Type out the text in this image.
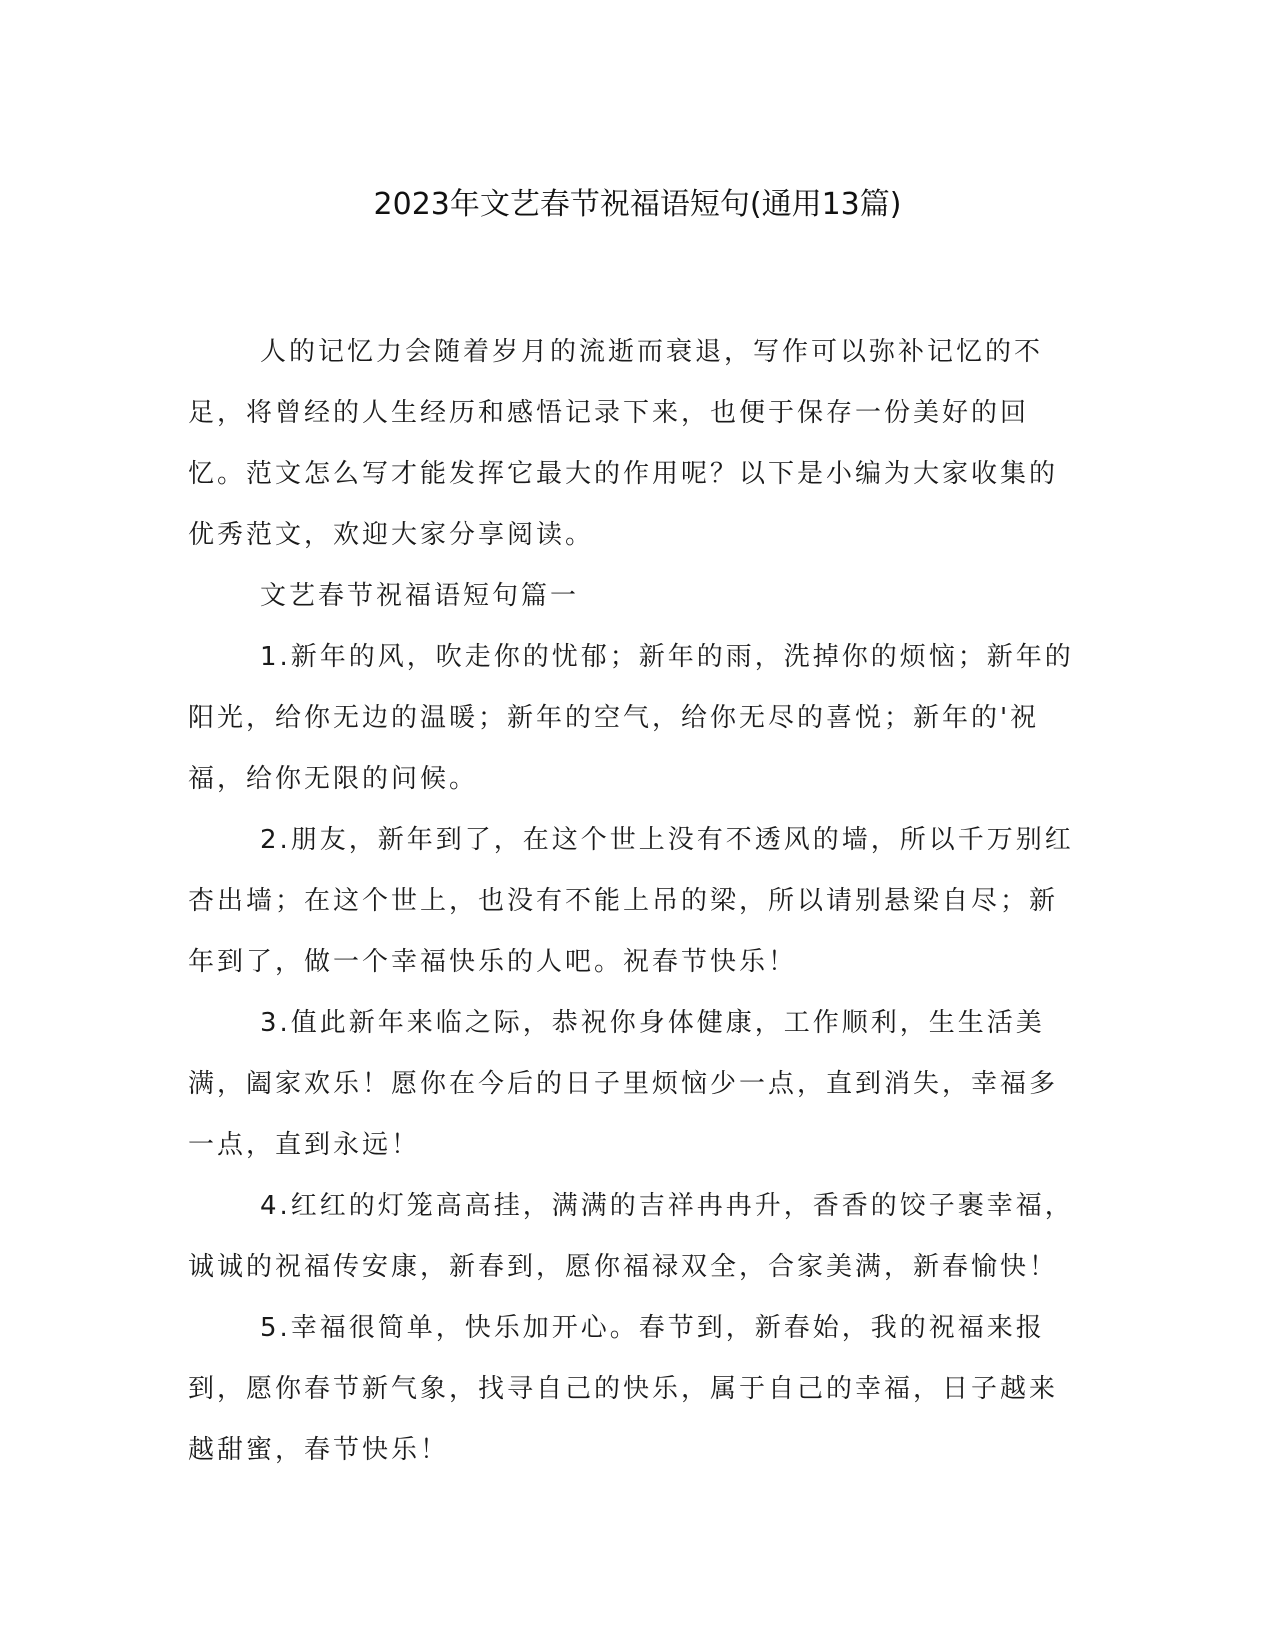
2023年文艺春节祝福语短句(通用13篇)

人的记忆力会随着岁月的流逝而衰退，写作可以弥补记忆的不足，将曾经的人生经历和感悟记录下来，也便于保存一份美好的回忆。范文怎么写才能发挥它最大的作用呢？以下是小编为大家收集的优秀范文，欢迎大家分享阅读。

文艺春节祝福语短句篇一

1.新年的风，吹走你的忧郁；新年的雨，洗掉你的烦恼；新年的阳光，给你无边的温暖；新年的空气，给你无尽的喜悦；新年的'祝福，给你无限的问候。

2.朋友，新年到了，在这个世上没有不透风的墙，所以千万别红杏出墙；在这个世上，也没有不能上吊的梁，所以请别悬梁自尽；新年到了，做一个幸福快乐的人吧。祝春节快乐！

3.值此新年来临之际，恭祝你身体健康，工作顺利，生生活美满，阖家欢乐！愿你在今后的日子里烦恼少一点，直到消失，幸福多一点，直到永远！

4.红红的灯笼高高挂，满满的吉祥冉冉升，香香的饺子裹幸福，诚诚的祝福传安康，新春到，愿你福禄双全，合家美满，新春愉快！

5.幸福很简单，快乐加开心。春节到，新春始，我的祝福来报到，愿你春节新气象，找寻自己的快乐，属于自己的幸福，日子越来越甜蜜，春节快乐！
